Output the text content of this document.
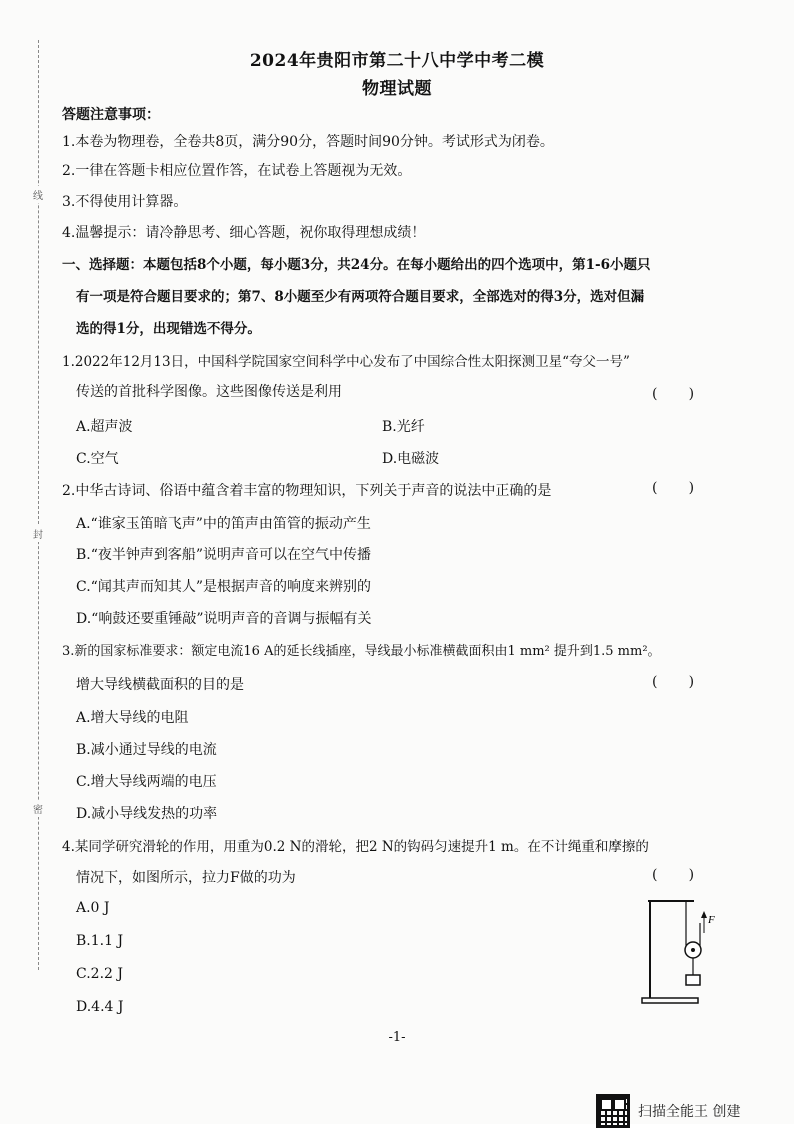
线
封
密
2024年贵阳市第二十八中学中考二模
物理试题
答题注意事项：
1.本卷为物理卷，全卷共8页，满分90分，答题时间90分钟。考试形式为闭卷。
2.一律在答题卡相应位置作答，在试卷上答题视为无效。
3.不得使用计算器。
4.温馨提示：请冷静思考、细心答题，祝你取得理想成绩！
一、选择题：本题包括8个小题，每小题3分，共24分。在每小题给出的四个选项中，第1-6小题只
有一项是符合题目要求的；第7、8小题至少有两项符合题目要求，全部选对的得3分，选对但漏
选的得1分，出现错选不得分。
1.2022年12月13日，中国科学院国家空间科学中心发布了中国综合性太阳探测卫星“夸父一号”
传送的首批科学图像。这些图像传送是利用	(       )
A.超声波	B.光纤
C.空气	D.电磁波
2.中华古诗词、俗语中蕴含着丰富的物理知识，下列关于声音的说法中正确的是	(       )
A.“谁家玉笛暗飞声”中的笛声由笛管的振动产生
B.“夜半钟声到客船”说明声音可以在空气中传播
C.“闻其声而知其人”是根据声音的响度来辨别的
D.“响鼓还要重锤敲”说明声音的音调与振幅有关
3.新的国家标准要求：额定电流16 A的延长线插座，导线最小标准横截面积由1 mm² 提升到1.5 mm²。
增大导线横截面积的目的是	(       )
A.增大导线的电阻
B.减小通过导线的电流
C.增大导线两端的电压
D.减小导线发热的功率
4.某同学研究滑轮的作用，用重为0.2 N的滑轮，把2 N的钩码匀速提升1 m。在不计绳重和摩擦的
情况下，如图所示，拉力F做的功为	(       )
A.0 J
B.1.1 J
C.2.2 J
D.4.4 J
F
-1-
扫描全能王 创建
